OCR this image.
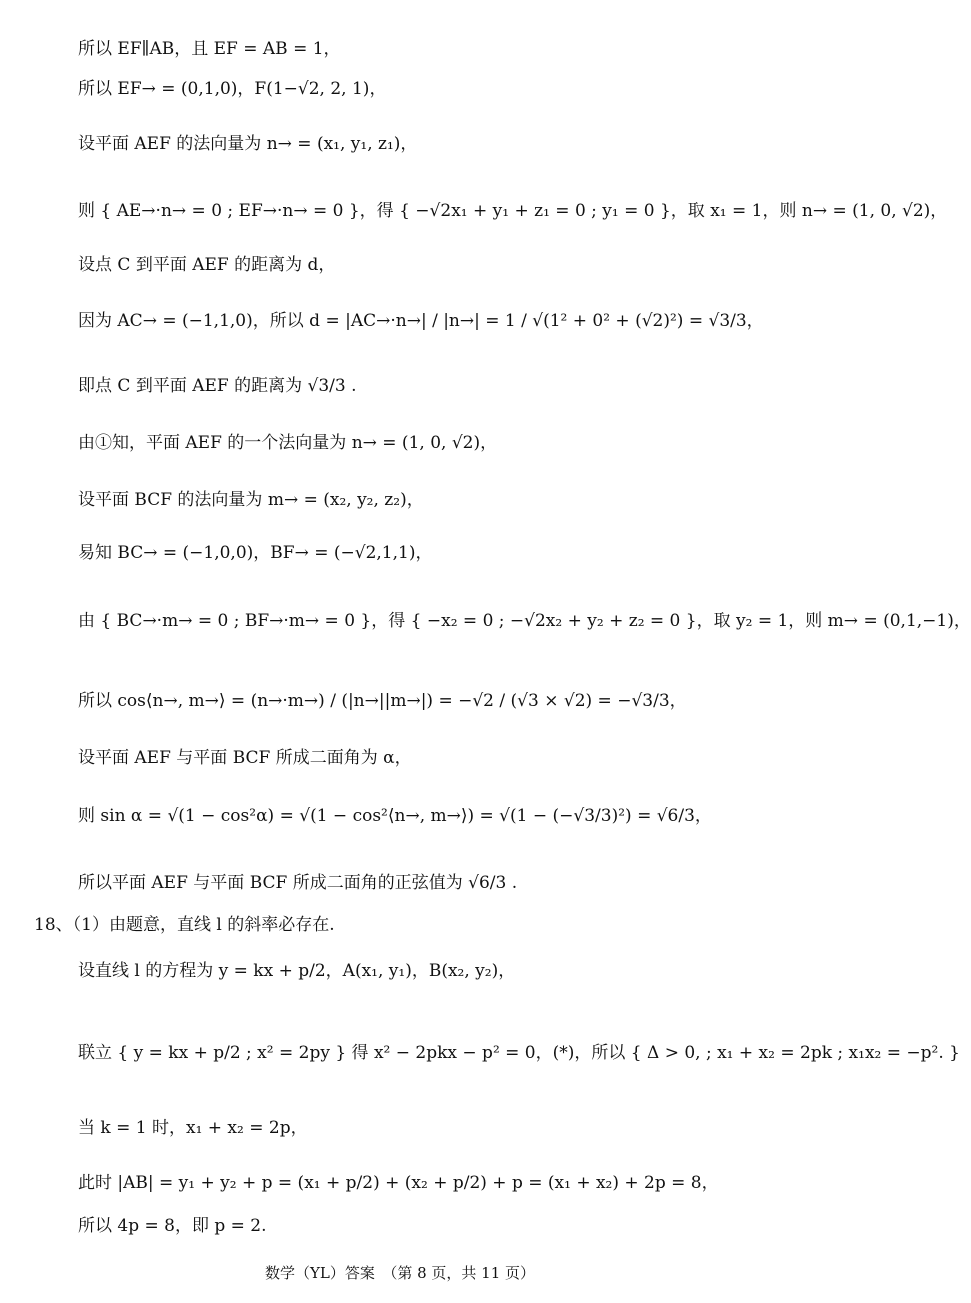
所以 EF∥AB，且 EF = AB = 1，
所以 EF→ = (0,1,0)，F(1−√2, 2, 1)，
设平面 AEF 的法向量为 n→ = (x₁, y₁, z₁)，
则 { AE→·n→ = 0 ; EF→·n→ = 0 }，得 { −√2x₁ + y₁ + z₁ = 0 ; y₁ = 0 }，取 x₁ = 1，则 n→ = (1, 0, √2)，
设点 C 到平面 AEF 的距离为 d，
因为 AC→ = (−1,1,0)，所以 d = |AC→·n→| / |n→| = 1 / √(1² + 0² + (√2)²) = √3/3，
即点 C 到平面 AEF 的距离为 √3/3 .
由①知，平面 AEF 的一个法向量为 n→ = (1, 0, √2)，
设平面 BCF 的法向量为 m→ = (x₂, y₂, z₂)，
易知 BC→ = (−1,0,0)，BF→ = (−√2,1,1)，
由 { BC→·m→ = 0 ; BF→·m→ = 0 }，得 { −x₂ = 0 ; −√2x₂ + y₂ + z₂ = 0 }，取 y₂ = 1，则 m→ = (0,1,−1)，
所以 cos⟨n→, m→⟩ = (n→·m→) / (|n→||m→|) = −√2 / (√3 × √2) = −√3/3，
设平面 AEF 与平面 BCF 所成二面角为 α，
则 sin α = √(1 − cos²α) = √(1 − cos²⟨n→, m→⟩) = √(1 − (−√3/3)²) = √6/3，
所以平面 AEF 与平面 BCF 所成二面角的正弦值为 √6/3 .
18、（1）由题意，直线 l 的斜率必存在.
设直线 l 的方程为 y = kx + p/2，A(x₁, y₁)，B(x₂, y₂)，
联立 { y = kx + p/2 ; x² = 2py } 得 x² − 2pkx − p² = 0，(*)，所以 { Δ > 0, ; x₁ + x₂ = 2pk ; x₁x₂ = −p². }
当 k = 1 时，x₁ + x₂ = 2p，
此时 |AB| = y₁ + y₂ + p = (x₁ + p/2) + (x₂ + p/2) + p = (x₁ + x₂) + 2p = 8，
所以 4p = 8，即 p = 2.
数学（YL）答案　（第 8 页，共 11 页）
